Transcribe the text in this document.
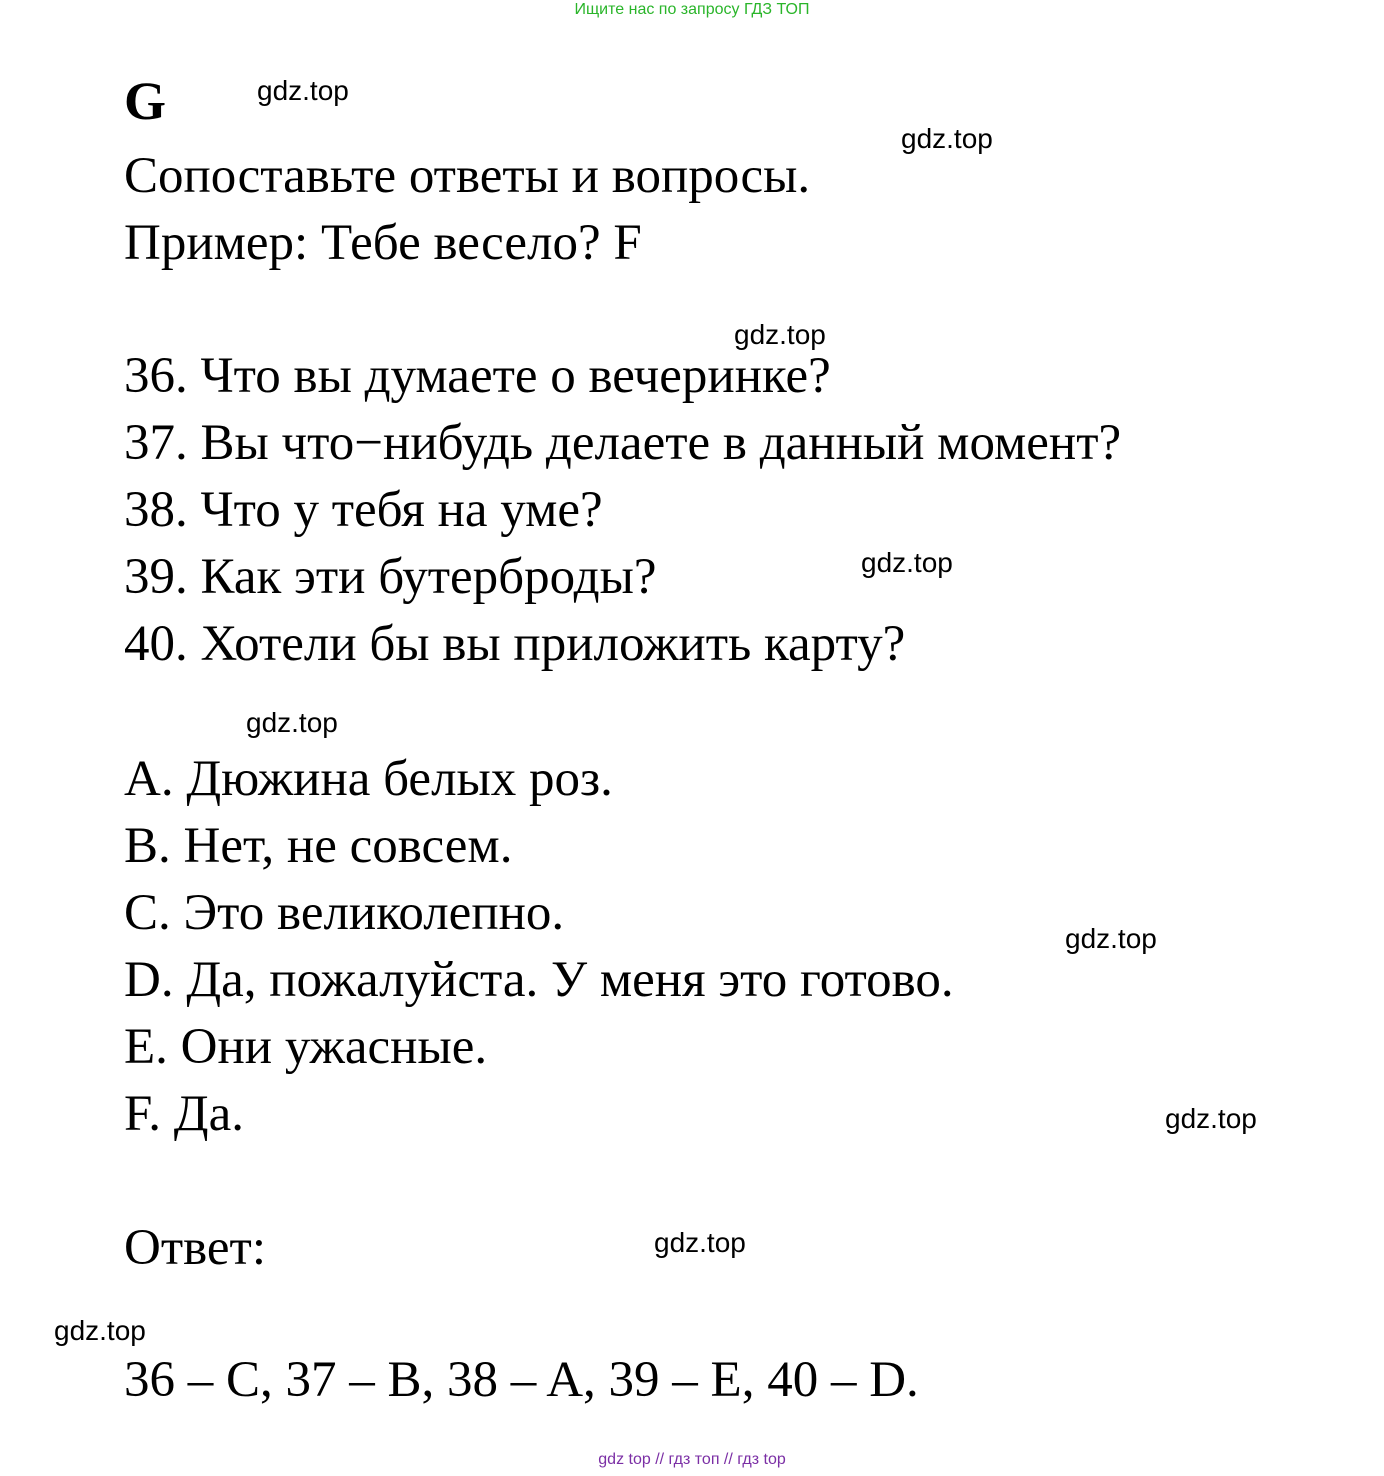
Ищите нас по запросу ГДЗ ТОП
G
Сопоставьте ответы и вопросы.
Пример: Тебе весело? F
36. Что вы думаете о вечеринке?
37. Вы что−нибудь делаете в данный момент?
38. Что у тебя на уме?
39. Как эти бутерброды?
40. Хотели бы вы приложить карту?
A. Дюжина белых роз.
B. Нет, не совсем.
C. Это великолепно.
D. Да, пожалуйста. У меня это готово.
E. Они ужасные.
F. Да.
Ответ:
36 – C, 37 – B, 38 – A, 39 – E, 40 – D.
gdz.top
gdz.top
gdz.top
gdz.top
gdz.top
gdz.top
gdz.top
gdz.top
gdz.top
gdz top // гдз топ // гдз top
